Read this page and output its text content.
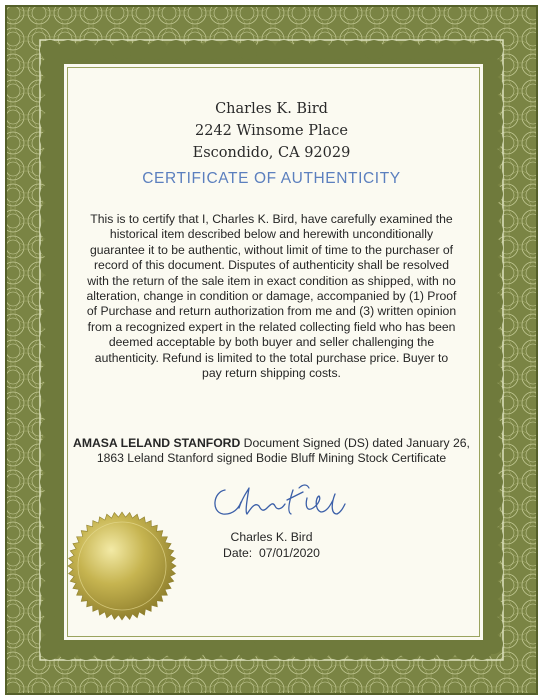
Charles K. Bird
2242 Winsome Place
Escondido, CA 92029
CERTIFICATE OF AUTHENTICITY
This is to certify that I, Charles K. Bird, have carefully examined the historical item described below and herewith unconditionally guarantee it to be authentic, without limit of time to the purchaser of record of this document. Disputes of authenticity shall be resolved with the return of the sale item in exact condition as shipped, with no alteration, change in condition or damage, accompanied by (1) Proof of Purchase and return authorization from me and (3) written opinion from a recognized expert in the related collecting field who has been deemed acceptable by both buyer and seller challenging the authenticity. Refund is limited to the total purchase price. Buyer to pay return shipping costs.
AMASA LELAND STANFORD Document Signed (DS) dated January 26, 1863 Leland Stanford signed Bodie Bluff Mining Stock Certificate
Charles K. Bird
Date: 07/01/2020
